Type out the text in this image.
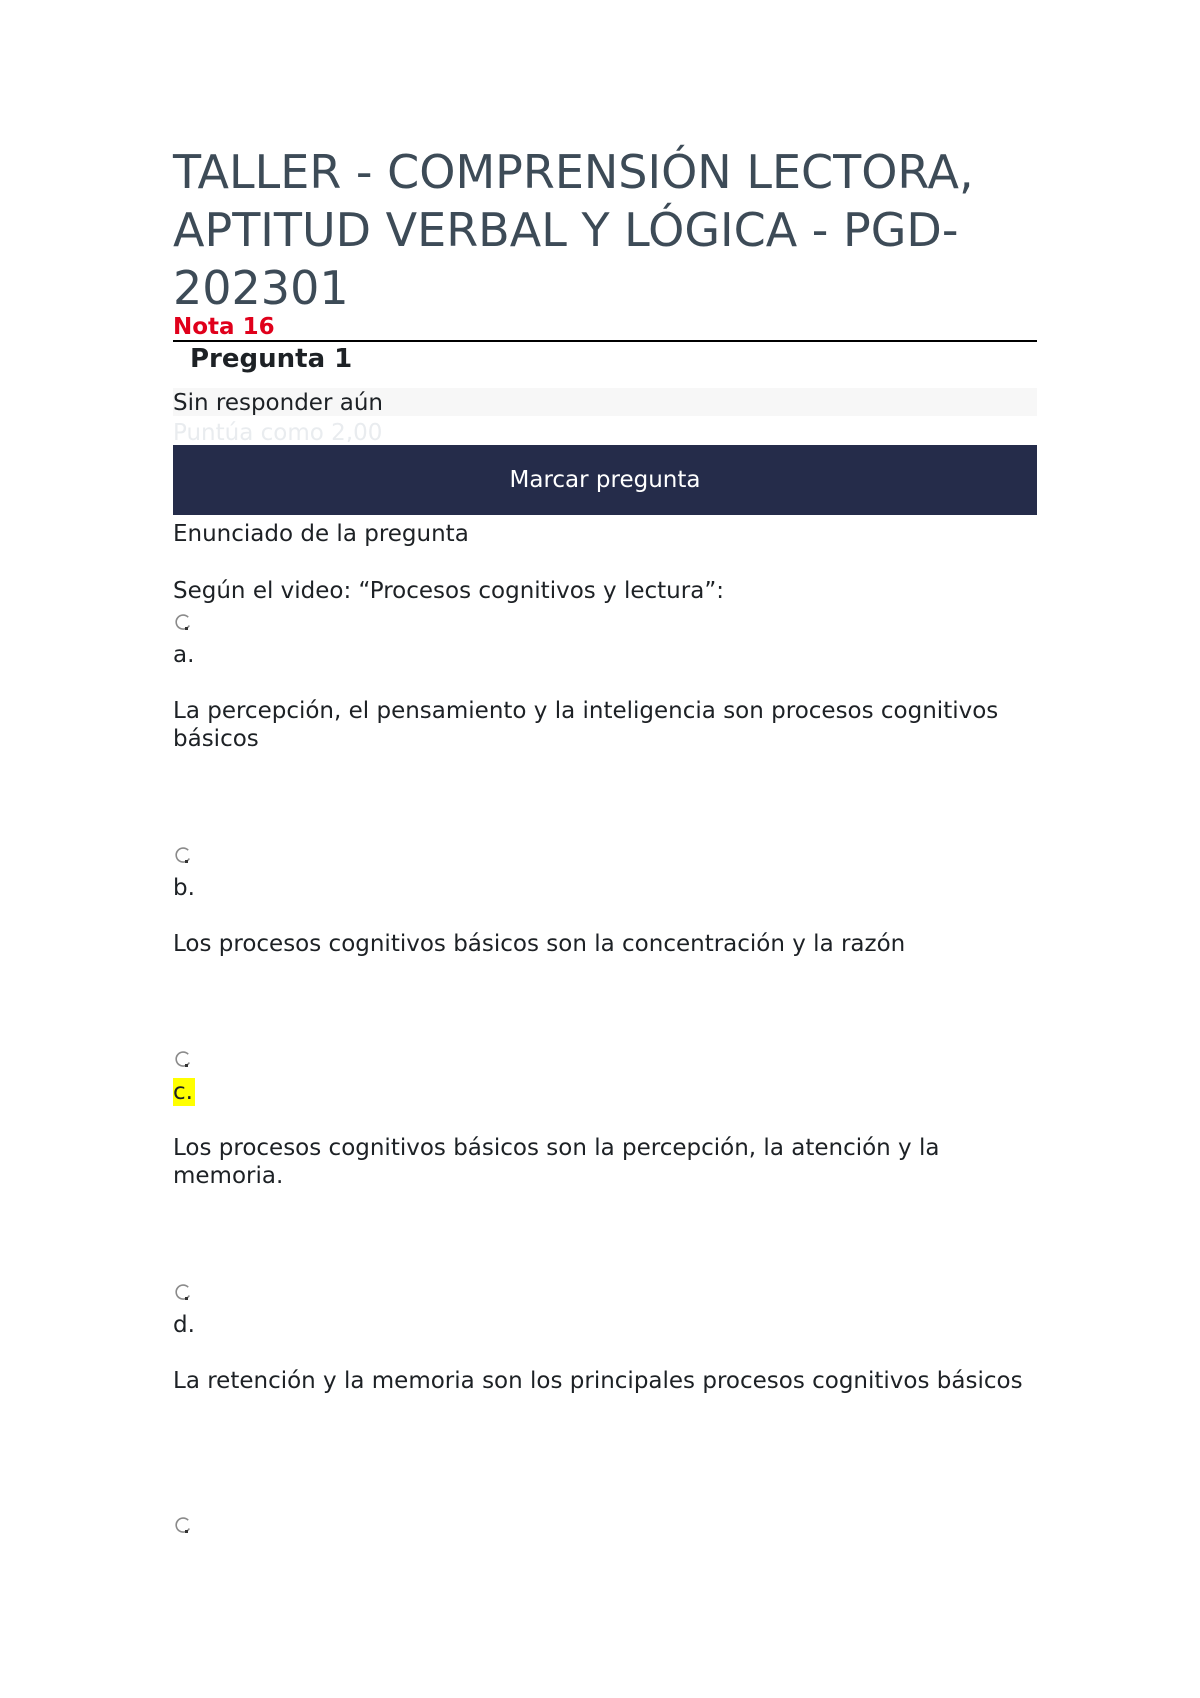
TALLER - COMPRENSIÓN LECTORA, APTITUD VERBAL Y LÓGICA - PGD-202301
Nota 16
Pregunta 1
Sin responder aún
Puntúa como 2,00
Marcar pregunta
Enunciado de la pregunta
Según el video: “Procesos cognitivos y lectura”:
a.
La percepción, el pensamiento y la inteligencia son procesos cognitivos básicos
b.
Los procesos cognitivos básicos son la concentración y la razón
c.
Los procesos cognitivos básicos son la percepción, la atención y la memoria.
d.
La retención y la memoria son los principales procesos cognitivos básicos
